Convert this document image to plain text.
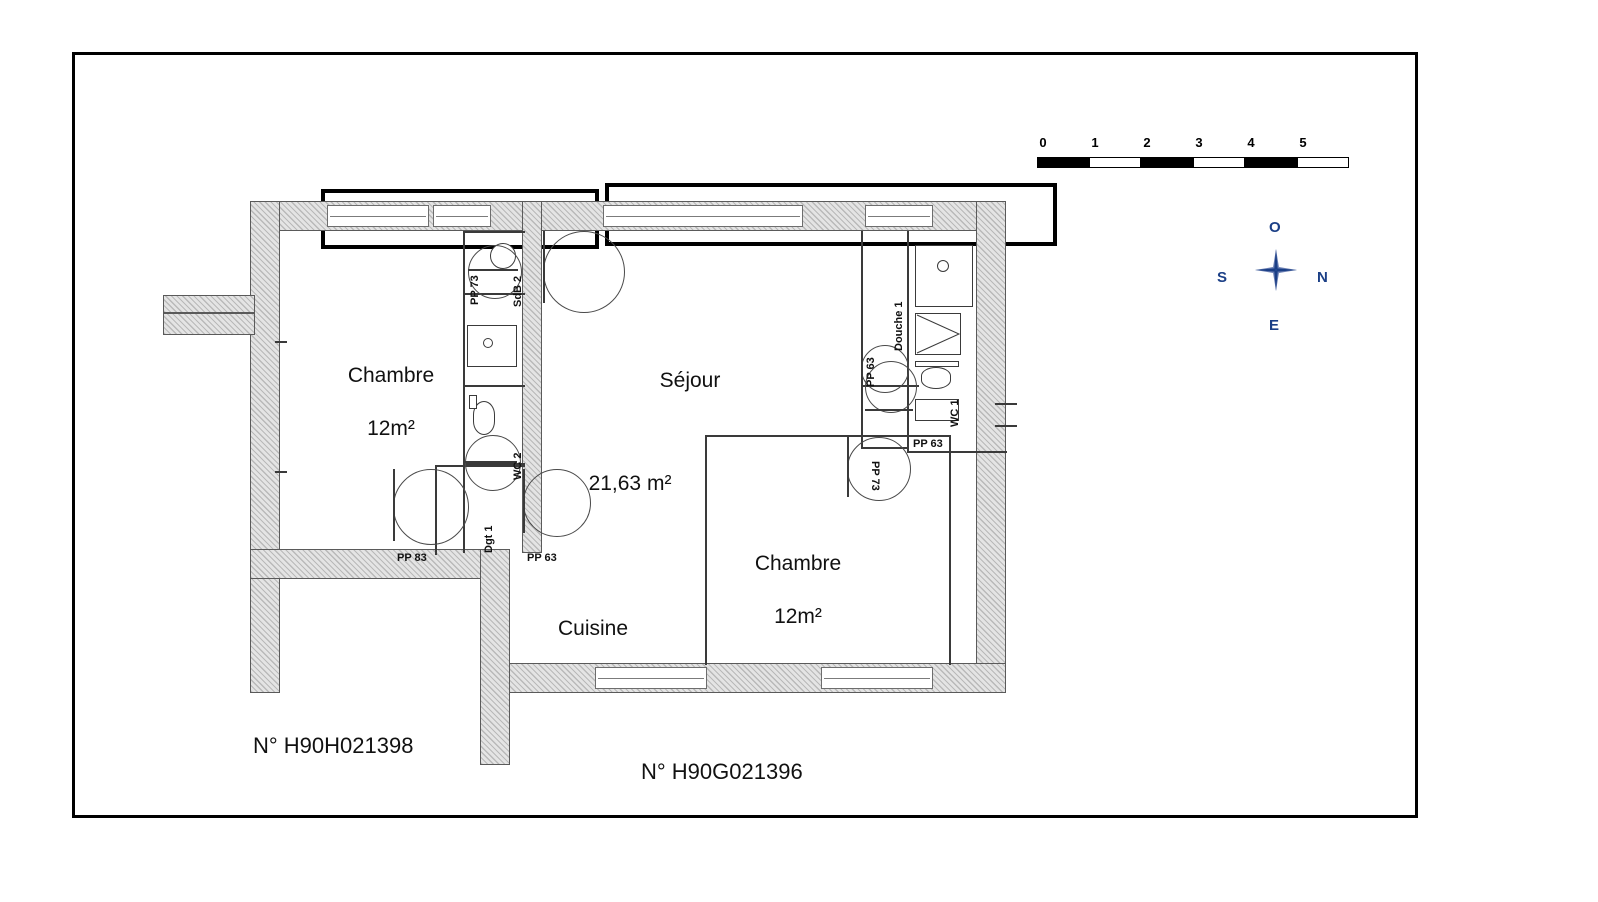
0	1	2	3	4	5
O
N
E
S

Chambre

12m²

Séjour

21,63 m²

Cuisine

Chambre

12m²

SdB 2
WC 2
Dgt 1
Douche 1
WC 1
PP 73
PP 83	PP 63
PP 63
PP 73
PP 63
N° H90H021398
N° H90G021396
